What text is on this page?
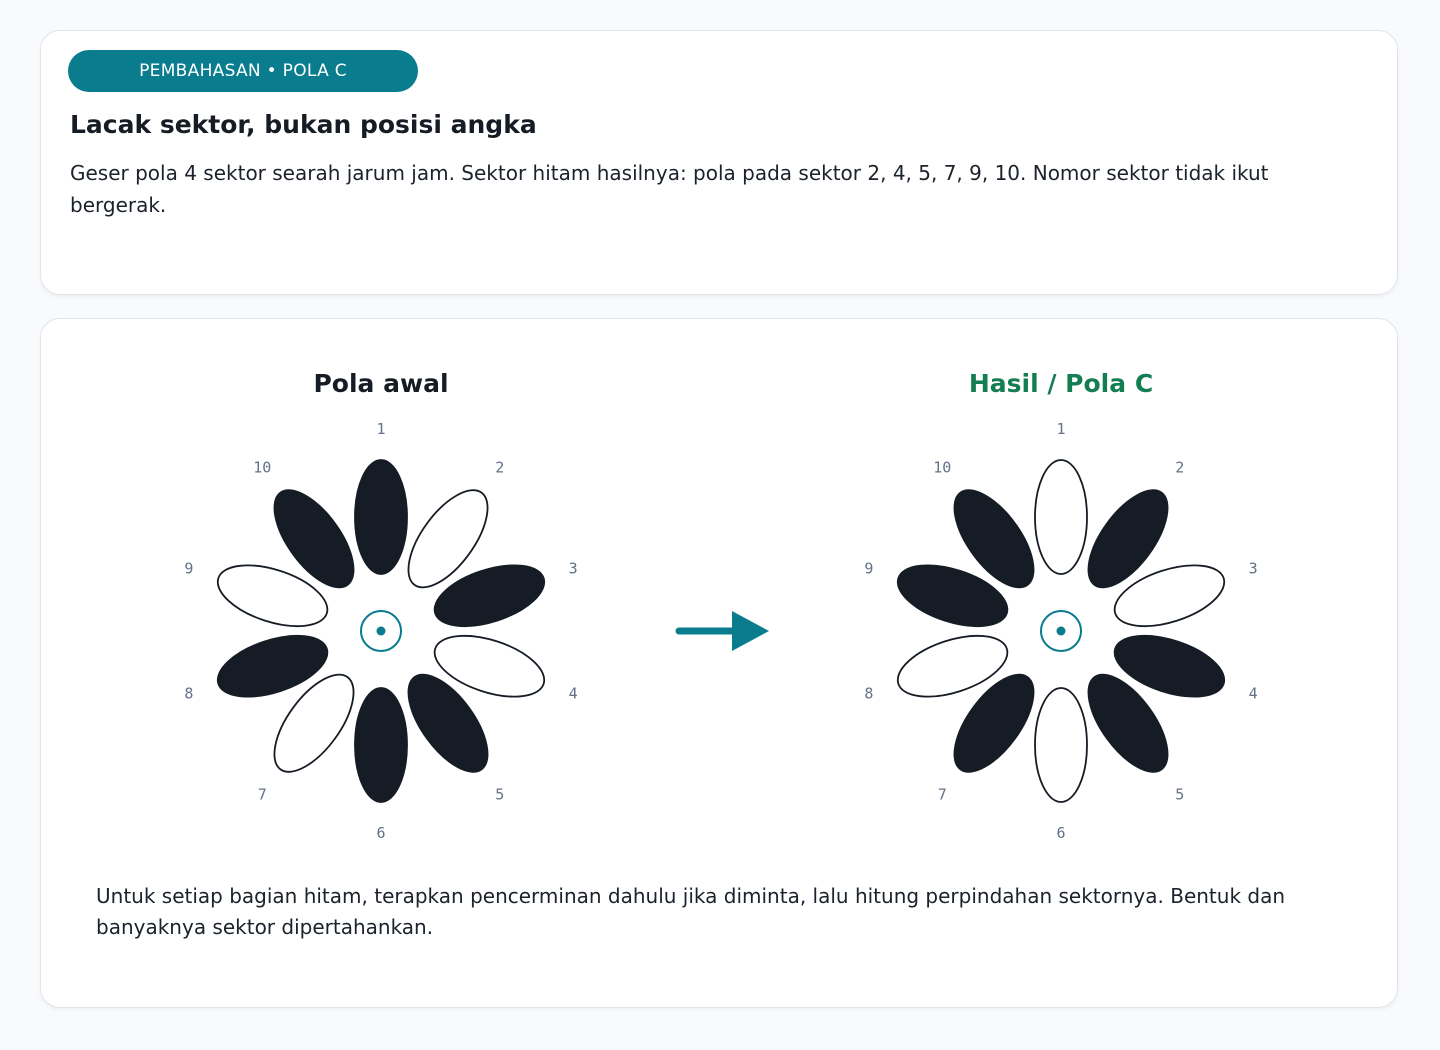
PEMBAHASAN • POLA C
Lacak sektor, bukan posisi angka

Geser pola 4 sektor searah jarum jam. Sektor hitam hasilnya: pola pada sektor 2, 4, 5, 7, 9, 10. Nomor sektor tidak ikut bergerak.

Pola awal	Hasil / Pola C
1
2
3
4
5
6
7
8
9
10
1
2
3
4
5
6
7
8
9
10

Untuk setiap bagian hitam, terapkan pencerminan dahulu jika diminta, lalu hitung perpindahan sektornya. Bentuk dan banyaknya sektor dipertahankan.
